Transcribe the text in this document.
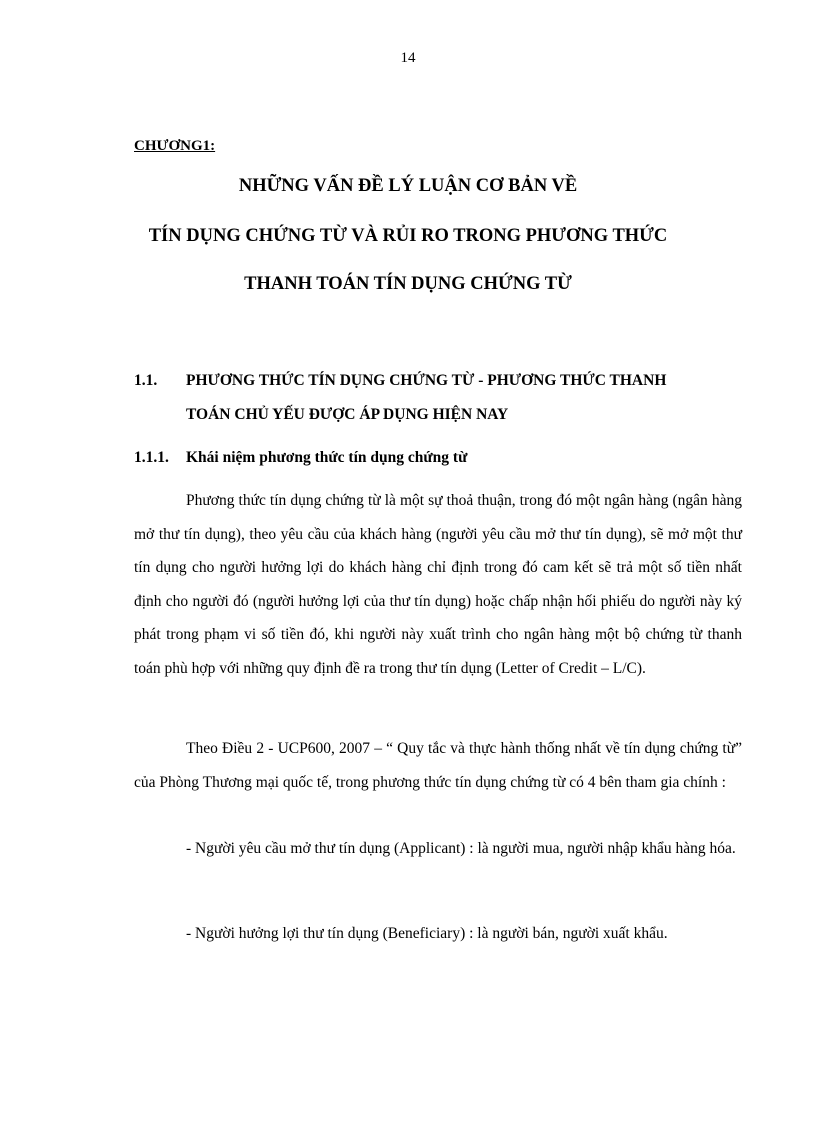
14
CHƯƠNG1:
NHỮNG VẤN ĐỀ LÝ LUẬN CƠ BẢN VỀ
TÍN DỤNG CHỨNG TỪ VÀ RỦI RO TRONG PHƯƠNG THỨC
THANH TOÁN TÍN DỤNG CHỨNG TỪ
1.1. PHƯƠNG THỨC TÍN DỤNG CHỨNG TỪ - PHƯƠNG THỨC THANH
TOÁN CHỦ YẾU ĐƯỢC ÁP DỤNG HIỆN NAY
1.1.1. Khái niệm phương thức tín dụng chứng từ

Phương thức tín dụng chứng từ là một sự thoả thuận, trong đó một ngân hàng (ngân hàng mở thư tín dụng), theo yêu cầu của khách hàng (người yêu cầu mở thư tín dụng), sẽ mở một thư tín dụng cho người hưởng lợi do khách hàng chỉ định trong đó cam kết sẽ trả một số tiền nhất định cho người đó (người hưởng lợi của thư tín dụng) hoặc chấp nhận hối phiếu do người này ký phát trong phạm vi số tiền đó, khi người này xuất trình cho ngân hàng một bộ chứng từ thanh toán phù hợp với những quy định đề ra trong thư tín dụng (Letter of Credit – L/C).

Theo Điều 2 - UCP600, 2007 – “ Quy tắc và thực hành thống nhất về tín dụng chứng từ” của Phòng Thương mại quốc tế, trong phương thức tín dụng chứng từ có 4 bên tham gia chính :

- Người yêu cầu mở thư tín dụng (Applicant) : là người mua, người nhập khẩu hàng hóa.

- Người hưởng lợi thư tín dụng (Beneficiary) : là người bán, người xuất khẩu.
